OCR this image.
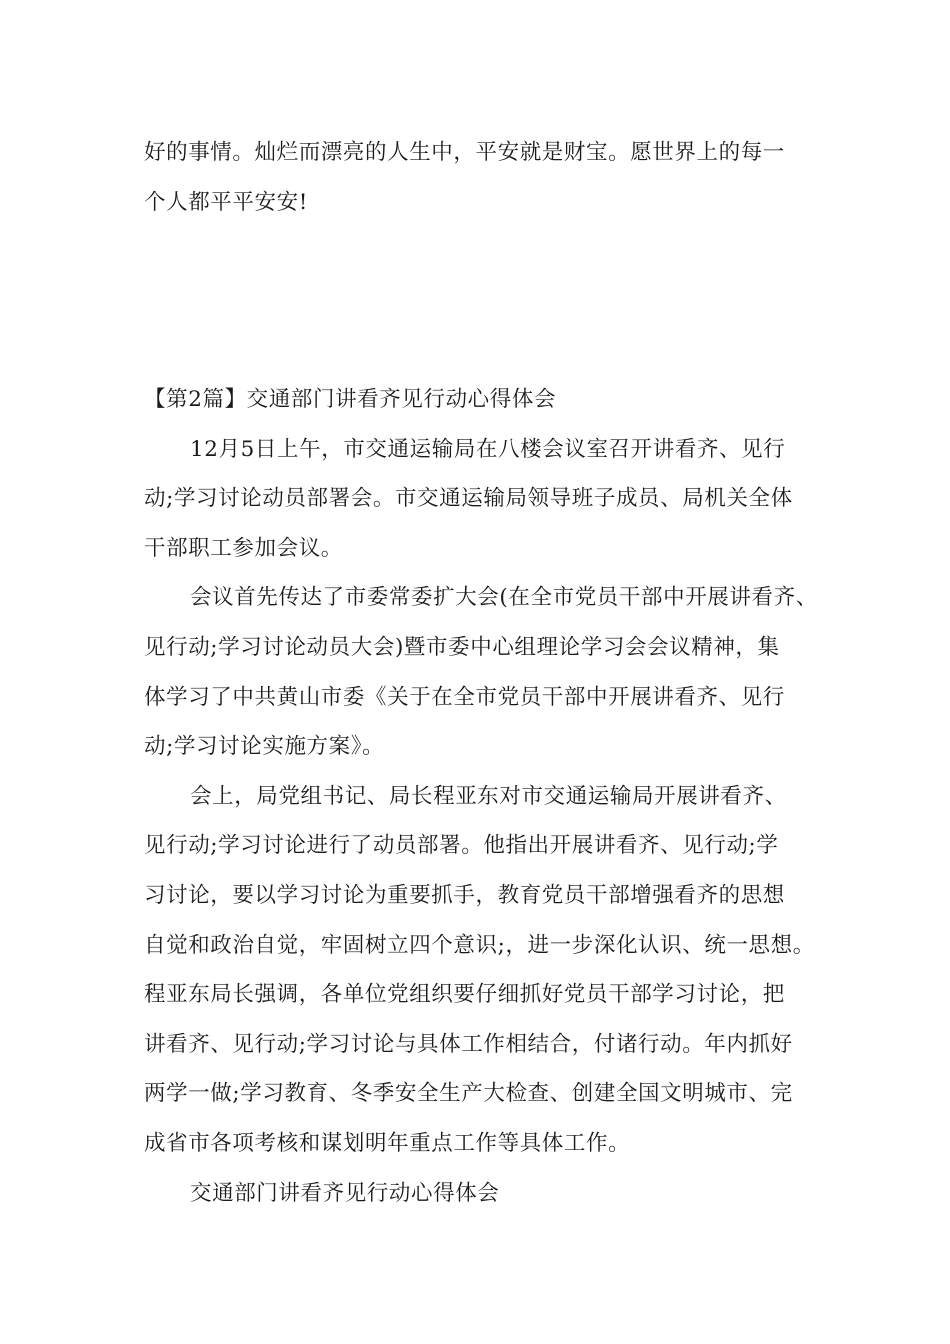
好的事情。灿烂而漂亮的人生中，平安就是财宝。愿世界上的每一
个人都平平安安!
【第2篇】交通部门讲看齐见行动心得体会
12月5日上午，市交通运输局在八楼会议室召开讲看齐、见行
动;学习讨论动员部署会。市交通运输局领导班子成员、局机关全体
干部职工参加会议。
会议首先传达了市委常委扩大会(在全市党员干部中开展讲看齐、
见行动;学习讨论动员大会)暨市委中心组理论学习会会议精神，集
体学习了中共黄山市委《关于在全市党员干部中开展讲看齐、见行
动;学习讨论实施方案》。
会上，局党组书记、局长程亚东对市交通运输局开展讲看齐、
见行动;学习讨论进行了动员部署。他指出开展讲看齐、见行动;学
习讨论，要以学习讨论为重要抓手，教育党员干部增强看齐的思想
自觉和政治自觉，牢固树立四个意识;，进一步深化认识、统一思想。
程亚东局长强调，各单位党组织要仔细抓好党员干部学习讨论，把
讲看齐、见行动;学习讨论与具体工作相结合，付诸行动。年内抓好
两学一做;学习教育、冬季安全生产大检查、创建全国文明城市、完
成省市各项考核和谋划明年重点工作等具体工作。
交通部门讲看齐见行动心得体会
